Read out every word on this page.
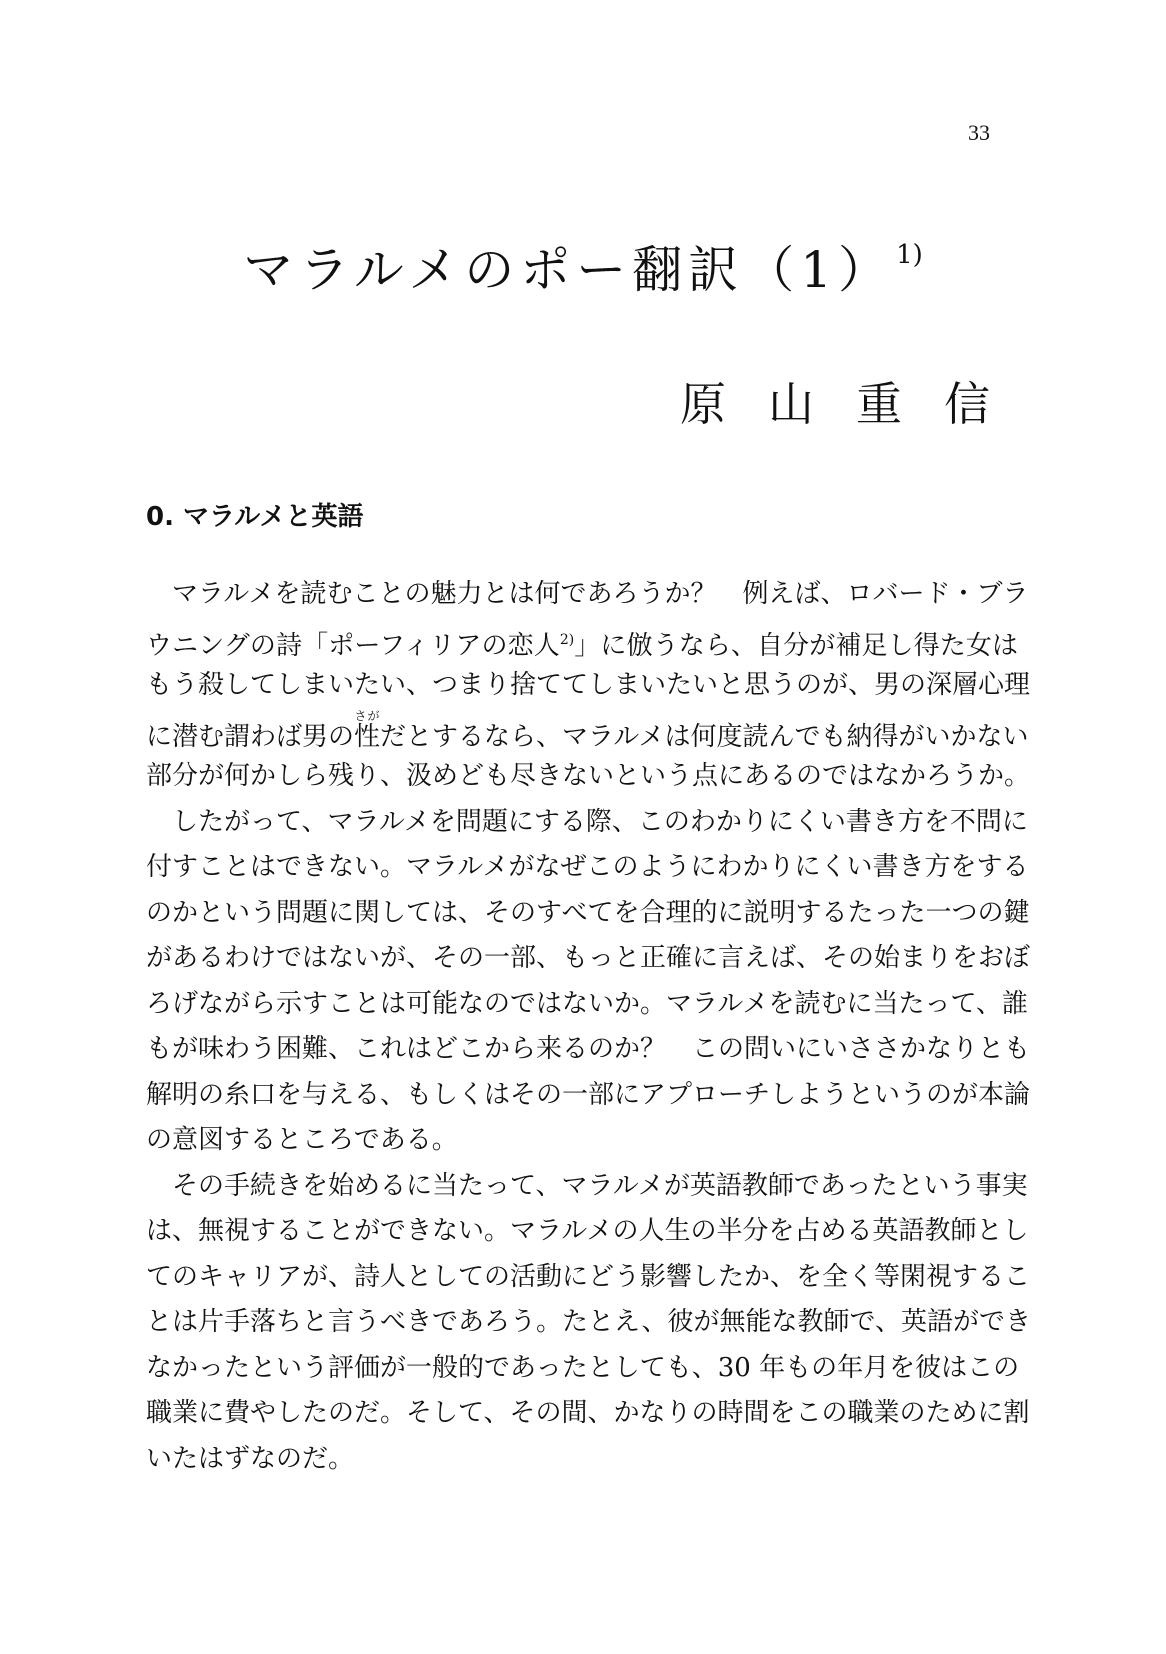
33
マラルメのポー翻訳$(1)^{1)}$
原 山 重 信
0. マラルメと英語
　マラルメを読むことの魅力とは何であろうか？　例えば、ロバード・ブラ
ウニングの詩「ポーフィリアの恋人$^{2)}$」に倣うなら、自分が補足し得た女は
もう殺してしまいたい、つまり捨ててしまいたいと思うのが、男の深層心理
に潜む謂わば男の性さがだとするなら、マラルメは何度読んでも納得がいかない
部分が何かしら残り、汲めども尽きないという点にあるのではなかろうか。
　したがって、マラルメを問題にする際、このわかりにくい書き方を不問に
付すことはできない。マラルメがなぜこのようにわかりにくい書き方をする
のかという問題に関しては、そのすべてを合理的に説明するたった一つの鍵
があるわけではないが、その一部、もっと正確に言えば、その始まりをおぼ
ろげながら示すことは可能なのではないか。マラルメを読むに当たって、誰
もが味わう困難、これはどこから来るのか？　この問いにいささかなりとも
解明の糸口を与える、もしくはその一部にアプローチしようというのが本論
の意図するところである。
　その手続きを始めるに当たって、マラルメが英語教師であったという事実
は、無視することができない。マラルメの人生の半分を占める英語教師とし
てのキャリアが、詩人としての活動にどう影響したか、を全く等閑視するこ
とは片手落ちと言うべきであろう。たとえ、彼が無能な教師で、英語ができ
なかったという評価が一般的であったとしても、30 年もの年月を彼はこの
職業に費やしたのだ。そして、その間、かなりの時間をこの職業のために割
いたはずなのだ。
